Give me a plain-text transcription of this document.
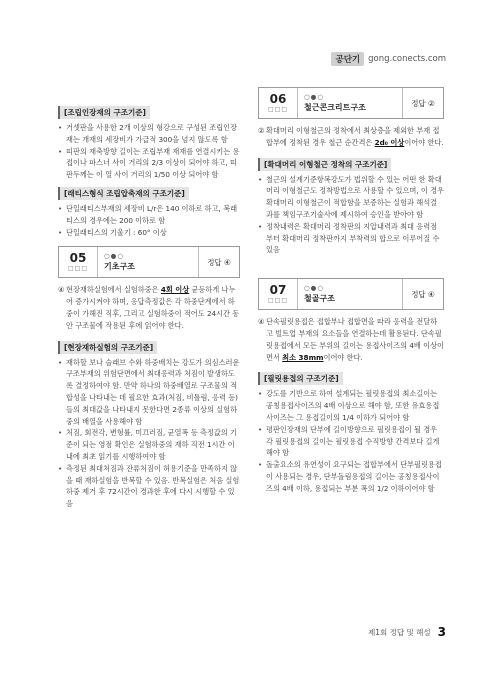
공단기 gong.conects.com
[조립인장재의 구조기준]
• 거셋판을 사용한 2개 이상의 형강으로 구성된 조립인장재는 개재의 세장비가 가급적 300을 넘지 않도록 함
• 띠판의 재축방향 길이는 조립부재 재재를 연결시키는 용접이나 파스너 사이 거리의 2/3 이상이 되어야 하고, 띠판두께는 이 열 사이 거리의 1/50 이상 되어야 함
[래티스형식 조립압축재의 구조기준]
• 단일래티스부재의 세장비 L/r은 140 이하로 하고, 복래티스의 경우에는 200 이하로 함
• 단일래티스의 기울기 : 60° 이상
05
□□□
○●○
기초구조	정답 ④
④ 현장재하실험에서 실험하중은 4회 이상 균등하게 나누어 증가시켜야 하며, 응답측정값은 각 하중단계에서 하중이 가해진 직후, 그리고 실험하중이 적어도 24시간 동안 구조물에 작용된 후에 읽어야 한다.
[현장재하실험의 구조기준]
• 재하할 보나 슬래브 수와 하중배치는 강도가 의심스러운 구조부재의 위험단면에서 최대응력과 처짐이 발생하도록 결정하여야 함. 만약 하나의 하중배열로 구조물의 적합성을 나타내는 데 필요한 효과(처짐, 비틀림, 응력 등)들의 최대값을 나타내지 못한다면 2종류 이상의 실험하중의 배열을 사용해야 함
• 처짐, 회전각, 변형률, 미끄러짐, 균열폭 등 측정값의 기준이 되는 영점 확인은 실험하중의 재하 직전 1시간 이내에 최초 읽기를 시행하여야 함
• 측정된 최대처짐과 잔류처짐이 허용기준을 만족하지 않을 때 재하실험을 반복할 수 있음. 반복실험은 처음 실험하중 제거 후 72시간이 경과한 후에 다시 시행할 수 있음
06
□□□
○●○
철근콘크리트구조	정답 ②
② 확대머리 이형철근의 정착에서 최상층을 제외한 부재 접합부에 정착된 경우 철근 순간격은 2d₀ 이상이어야 한다.
[확대머리 이형철근 정착의 구조기준]
• 철근의 설계기준항복강도가 법위할 수 있는 어떤 한 확대머리 이형철근도 정착방법으로 사용할 수 있으며, 이 경우 확대머리 이형철근이 적합함을 보증하는 실험과 해석결과를 책임구조기술사에 제시하여 승인을 받아야 함
• 정착내력은 확대머리 정착판의 지압내력과 최대 응력점부터 확대머리 정착판까지 부착력의 합으로 이루어질 수 있음
07
□□□
○●○
철골구조	정답 ④
④ 단속필릿용접은 접합부나 접합면을 따라 응력을 전달하고 빌트업 부재의 요소들을 연결하는데 활용된다. 단속필릿용접에서 모든 부위의 길이는 용접사이즈의 4배 이상이면서 최소 38mm이어야 한다.
[필릿용접의 구조기준]
• 강도를 기반으로 하여 설계되는 필릿용접의 최소길이는 공칭용접사이즈의 4배 이상으로 해야 함, 또한 유효용접사이즈는 그 용접길이의 1/4 이하가 되어야 함
• 평판인장재의 단부에 길이방향으로 필릿용접이 될 경우 각 필릿용접의 길이는 필릿용접 수직방향 간격보다 길게 해야 함
• 돌출요소의 유연성이 요구되는 접합부에서 단부필릿용접이 사용되는 경우, 단부돌림용접의 길이는 공칭용접사이즈의 4배 이하, 용접되는 부분 폭의 1/2 이하이어야 함
제1회 정답 및 해설 3
